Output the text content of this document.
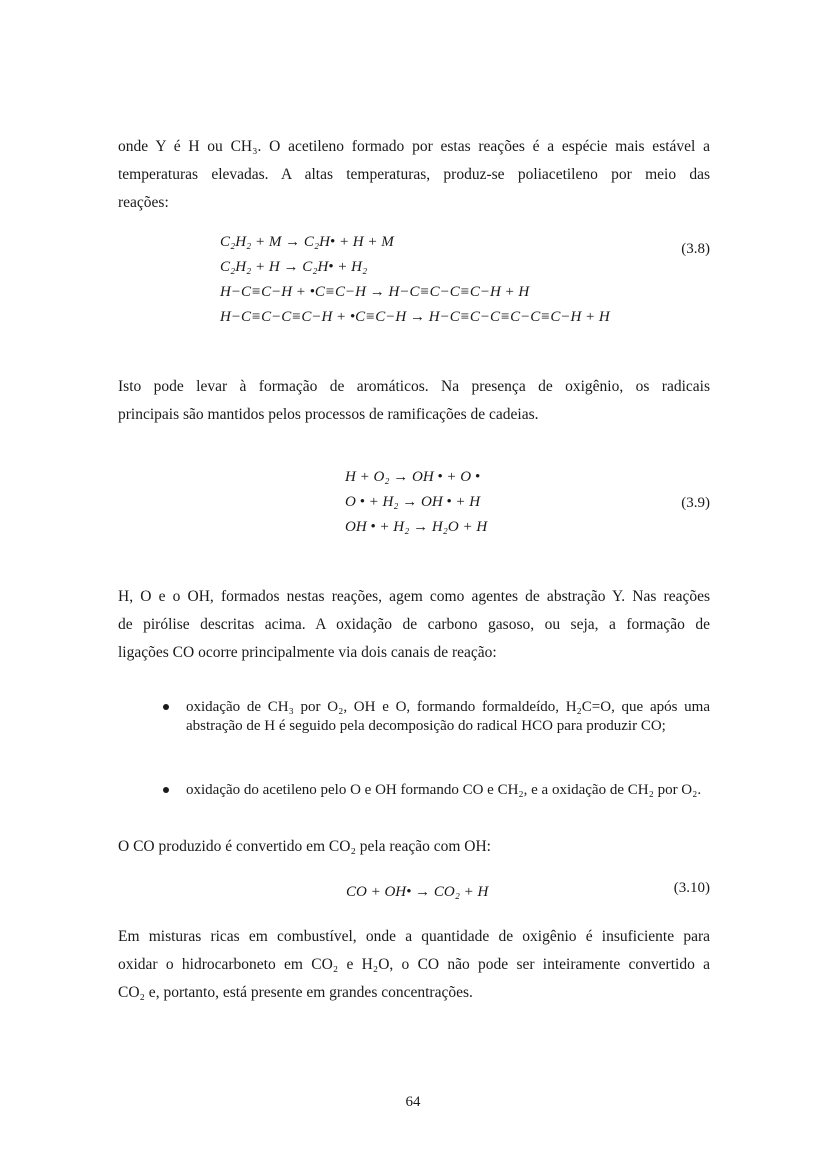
onde Y é H ou CH₃. O acetileno formado por estas reações é a espécie mais estável a
temperaturas elevadas. A altas temperaturas, produz-se poliacetileno por meio das
reações:
C₂H₂ + M → C₂H• + H + M
C₂H₂ + H → C₂H• + H₂
H−C≡C−H + •C≡C−H → H−C≡C−C≡C−H + H
H−C≡C−C≡C−H + •C≡C−H → H−C≡C−C≡C−C≡C−H + H
(3.8)
Isto pode levar à formação de aromáticos. Na presença de oxigênio, os radicais
principais são mantidos pelos processos de ramificações de cadeias.
H + O₂ → OH • + O •
O • + H₂ → OH • + H
OH • + H₂ → H₂O + H
(3.9)
H, O e o OH, formados nestas reações, agem como agentes de abstração Y. Nas reações
de pirólise descritas acima. A oxidação de carbono gasoso, ou seja, a formação de
ligações CO ocorre principalmente via dois canais de reação:
oxidação de CH₃ por O₂, OH e O, formando formaldeído, H₂C=O, que após uma abstração de H é seguido pela decomposição do radical HCO para produzir CO;
oxidação do acetileno pelo O e OH formando CO e CH₂, e a oxidação de CH₂ por O₂.
O CO produzido é convertido em CO₂ pela reação com OH:
CO + OH• → CO₂ + H	(3.10)
Em misturas ricas em combustível, onde a quantidade de oxigênio é insuficiente para
oxidar o hidrocarboneto em CO₂ e H₂O, o CO não pode ser inteiramente convertido a
CO₂ e, portanto, está presente em grandes concentrações.
64
